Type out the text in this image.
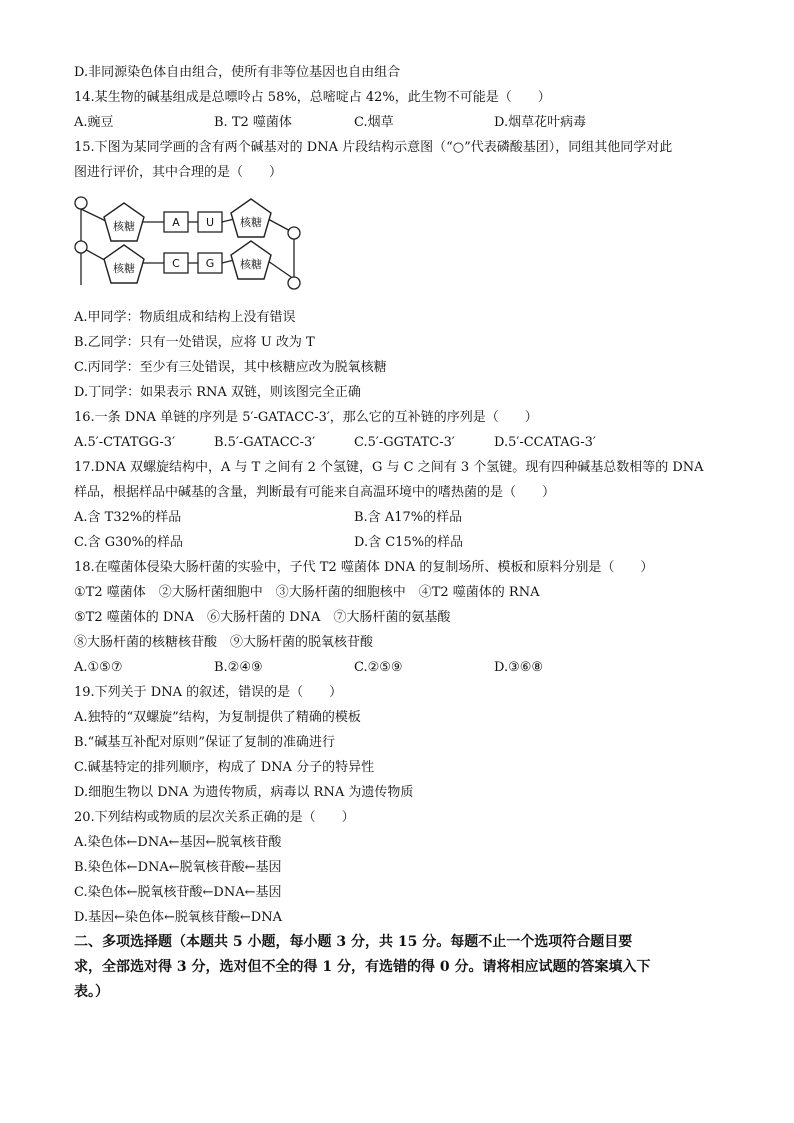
D.非同源染色体自由组合，使所有非等位基因也自由组合
14.某生物的碱基组成是总嘌呤占 58%，总嘧啶占 42%，此生物不可能是（　　）
A.豌豆	B. T2 噬菌体	C.烟草	D.烟草花叶病毒
15.下图为某同学画的含有两个碱基对的 DNA 片段结构示意图（“○”代表磷酸基团），同组其他同学对此
图进行评价，其中合理的是（　　）
核糖
核糖
核糖
核糖
A U
C G
A.甲同学：物质组成和结构上没有错误
B.乙同学：只有一处错误，应将 U 改为 T
C.丙同学：至少有三处错误，其中核糖应改为脱氧核糖
D.丁同学：如果表示 RNA 双链，则该图完全正确
16.一条 DNA 单链的序列是 5′-GATACC-3′，那么它的互补链的序列是（　　）
A.5′-CTATGG-3′	B.5′-GATACC-3′	C.5′-GGTATC-3′	D.5′-CCATAG-3′
17.DNA 双螺旋结构中，A 与 T 之间有 2 个氢键，G 与 C 之间有 3 个氢键。现有四种碱基总数相等的 DNA
样品，根据样品中碱基的含量，判断最有可能来自高温环境中的嗜热菌的是（　　）
A.含 T32%的样品	B.含 A17%的样品
C.含 G30%的样品	D.含 C15%的样品
18.在噬菌体侵染大肠杆菌的实验中，子代 T2 噬菌体 DNA 的复制场所、模板和原料分别是（　　）
①T2 噬菌体　②大肠杆菌细胞中　③大肠杆菌的细胞核中　④T2 噬菌体的 RNA
⑤T2 噬菌体的 DNA　⑥大肠杆菌的 DNA　⑦大肠杆菌的氨基酸
⑧大肠杆菌的核糖核苷酸　⑨大肠杆菌的脱氧核苷酸
A.①⑤⑦	B.②④⑨	C.②⑤⑨	D.③⑥⑧
19.下列关于 DNA 的叙述，错误的是（　　）
A.独特的“双螺旋”结构，为复制提供了精确的模板
B.“碱基互补配对原则”保证了复制的准确进行
C.碱基特定的排列顺序，构成了 DNA 分子的特异性
D.细胞生物以 DNA 为遗传物质，病毒以 RNA 为遗传物质
20.下列结构或物质的层次关系正确的是（　　）
A.染色体←DNA←基因←脱氧核苷酸
B.染色体←DNA←脱氧核苷酸←基因
C.染色体←脱氧核苷酸←DNA←基因
D.基因←染色体←脱氧核苷酸←DNA
二、多项选择题（本题共 5 小题，每小题 3 分，共 15 分。每题不止一个选项符合题目要
求，全部选对得 3 分，选对但不全的得 1 分，有选错的得 0 分。请将相应试题的答案填入下
表。）
